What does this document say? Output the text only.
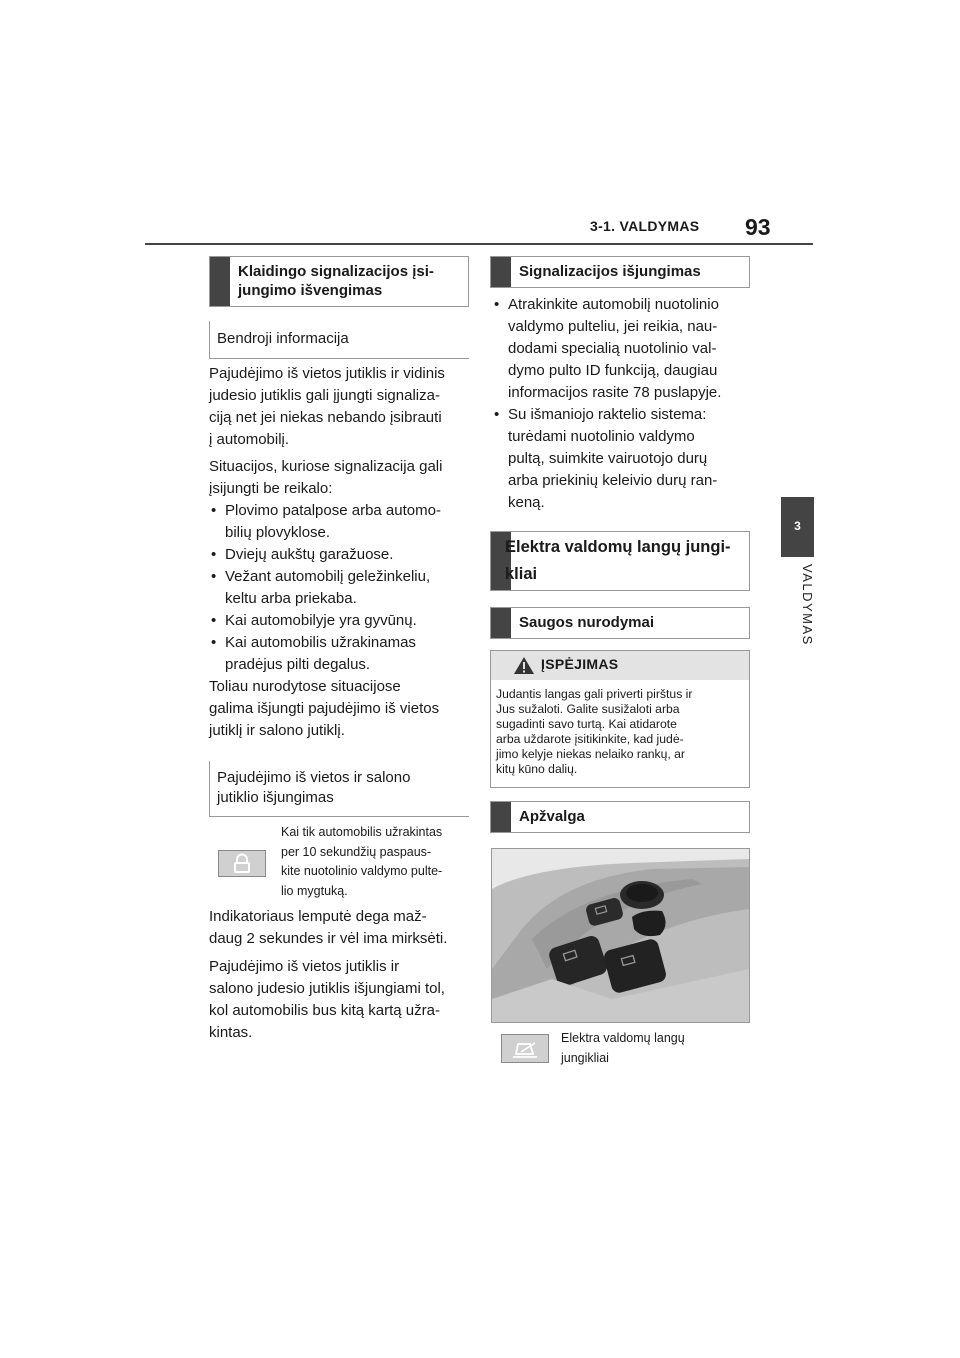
3-1. VALDYMAS 93
3
VALDYMAS
Klaidingo signalizacijos įsi-
jungimo išvengimas
Bendroji informacija
Pajudėjimo iš vietos jutiklis ir vidinis
judesio jutiklis gali įjungti signaliza-
ciją net jei niekas nebando įsibrauti
į automobilį.
Situacijos, kuriose signalizacija gali
įsijungti be reikalo:
• Plovimo patalpose arba automo-
bilių plovyklose.
• Dviejų aukštų garažuose.
• Vežant automobilį geležinkeliu,
keltu arba priekaba.
• Kai automobilyje yra gyvūnų.
• Kai automobilis užrakinamas
pradėjus pilti degalus.
Toliau nurodytose situacijose
galima išjungti pajudėjimo iš vietos
jutiklį ir salono jutiklį.
Pajudėjimo iš vietos ir salono
jutiklio išjungimas
Kai tik automobilis užrakintas
per 10 sekundžių paspaus-
kite nuotolinio valdymo pulte-
lio mygtuką.
Indikatoriaus lemputė dega maž-
daug 2 sekundes ir vėl ima mirksėti.
Pajudėjimo iš vietos jutiklis ir
salono judesio jutiklis išjungiami tol,
kol automobilis bus kitą kartą užra-
kintas.
Signalizacijos išjungimas
• Atrakinkite automobilį nuotolinio
valdymo pulteliu, jei reikia, nau-
dodami specialią nuotolinio val-
dymo pulto ID funkciją, daugiau
informacijos rasite 78 puslapyje.
• Su išmaniojo raktelio sistema:
turėdami nuotolinio valdymo
pultą, suimkite vairuotojo durų
arba priekinių keleivio durų ran-
keną.
Elektra valdomų langų jungi-
kliai
Saugos nurodymai
ĮSPĖJIMAS
Judantis langas gali priverti pirštus ir
Jus sužaloti. Galite susižaloti arba
sugadinti savo turtą. Kai atidarote
arba uždarote įsitikinkite, kad judė-
jimo kelyje niekas nelaiko rankų, ar
kitų kūno dalių.
Apžvalga
Elektra valdomų langų
jungikliai
